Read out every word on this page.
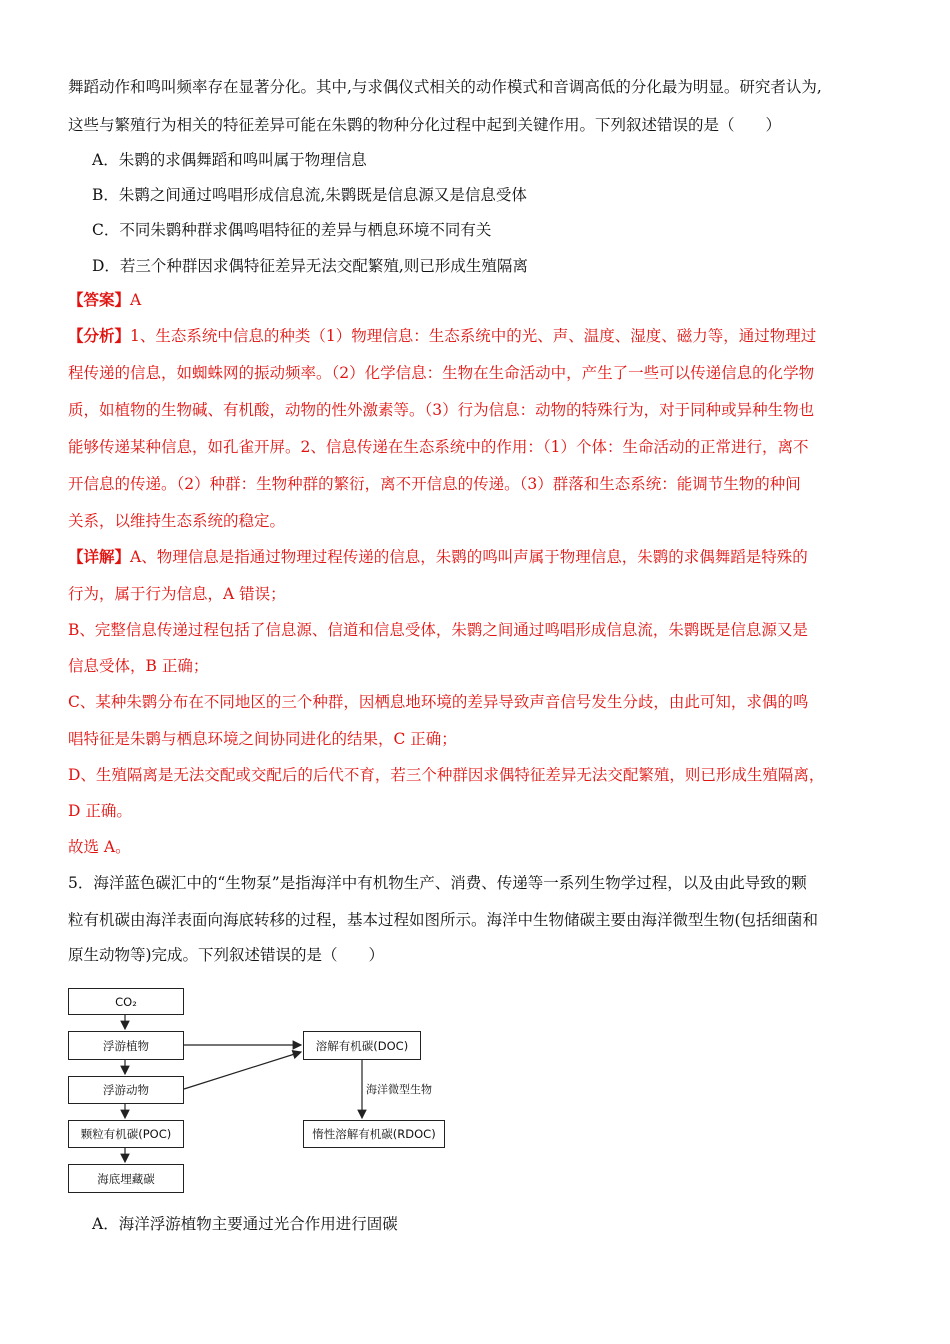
舞蹈动作和鸣叫频率存在显著分化。其中,与求偶仪式相关的动作模式和音调高低的分化最为明显。研究者认为,
这些与繁殖行为相关的特征差异可能在朱鹮的物种分化过程中起到关键作用。下列叙述错误的是（　　）
A．朱鹮的求偶舞蹈和鸣叫属于物理信息
B．朱鹮之间通过鸣唱形成信息流,朱鹮既是信息源又是信息受体
C．不同朱鹮种群求偶鸣唱特征的差异与栖息环境不同有关
D．若三个种群因求偶特征差异无法交配繁殖,则已形成生殖隔离
【答案】A
【分析】1、生态系统中信息的种类（1）物理信息：生态系统中的光、声、温度、湿度、磁力等，通过物理过
程传递的信息，如蜘蛛网的振动频率。（2）化学信息：生物在生命活动中，产生了一些可以传递信息的化学物
质，如植物的生物碱、有机酸，动物的性外激素等。（3）行为信息：动物的特殊行为，对于同种或异种生物也
能够传递某种信息，如孔雀开屏。2、信息传递在生态系统中的作用：（1）个体：生命活动的正常进行，离不
开信息的传递。（2）种群：生物种群的繁衍，离不开信息的传递。（3）群落和生态系统：能调节生物的种间
关系，以维持生态系统的稳定。
【详解】A、物理信息是指通过物理过程传递的信息，朱鹮的鸣叫声属于物理信息，朱鹮的求偶舞蹈是特殊的
行为，属于行为信息，A 错误；
B、完整信息传递过程包括了信息源、信道和信息受体，朱鹮之间通过鸣唱形成信息流，朱鹮既是信息源又是
信息受体，B 正确；
C、某种朱鹮分布在不同地区的三个种群，因栖息地环境的差异导致声音信号发生分歧，由此可知，求偶的鸣
唱特征是朱鹮与栖息环境之间协同进化的结果，C 正确；
D、生殖隔离是无法交配或交配后的后代不育，若三个种群因求偶特征差异无法交配繁殖，则已形成生殖隔离，
D 正确。
故选 A。
5．海洋蓝色碳汇中的“生物泵”是指海洋中有机物生产、消费、传递等一系列生物学过程，以及由此导致的颗
粒有机碳由海洋表面向海底转移的过程，基本过程如图所示。海洋中生物储碳主要由海洋微型生物(包括细菌和
原生动物等)完成。下列叙述错误的是（　　）
CO₂
浮游植物
浮游动物
颗粒有机碳(POC)
海底埋藏碳
溶解有机碳(DOC)
海洋微型生物
惰性溶解有机碳(RDOC)
A．海洋浮游植物主要通过光合作用进行固碳
